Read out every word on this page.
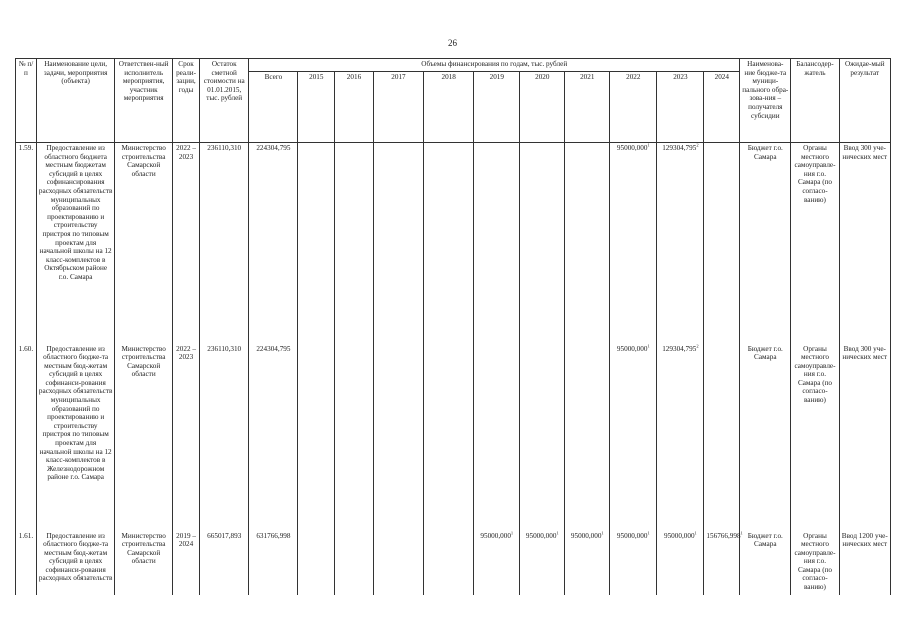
26
№ п/п	Наименование цели, задачи, мероприятия (объекта)	Ответствен-ный исполнитель мероприятия, участник мероприятия	Срок реали-зации, годы	Остаток сметной стоимости на 01.01.2015, тыс. рублей	Объемы финансирования по годам, тыс. рублей											Наименова-ние бюдже-та муници-пального обра-зова-ния – получателя субсидии	Балансодер-жатель	Ожидае-мый результат
					Всего	2015	2016	2017	2018	2019	2020	2021	2022	2023	2024			
1.59.	Предоставление из областного бюджета местным бюджетам субсидий в целях софинансирования расходных обязательств муниципальных образований по проектированию и строительству пристроя по типовым проектам для начальной школы на 12 класс-комплектов в Октябрьском районе г.о. Самара	Министерство строительства Самарской области	2022 – 2023	236110,310	224304,795								95000,000$^1$	129304,795$^2$		Бюджет г.о. Самара	Органы местного самоуправле-ния г.о. Самара (по согласо-ванию)	Ввод 300 уче-нических мест
1.60.	Предоставление из областного бюдже-та местным бюд-жетам субсидий в целях софинанси-рования расходных обязательств муниципальных образований по проектированию и строительству пристроя по типовым проектам для начальной школы на 12 класс-комплектов в Железнодорожном районе г.о. Самара	Министерство строительства Самарской области	2022 – 2023	236110,310	224304,795								95000,000$^1$	129304,795$^2$		Бюджет г.о. Самара	Органы местного самоуправле-ния г.о. Самара (по согласо-ванию)	Ввод 300 уче-нических мест
1.61.	Предоставление из областного бюдже-та местным бюд-жетам субсидий в целях софинанси-рования расходных обязательств	Министерство строительства Самарской области	2019 – 2024	665017,893	631766,998					95000,000$^1$	95000,000$^1$	95000,000$^1$	95000,000$^1$	95000,000$^1$	156766,998$^1$	Бюджет г.о. Самара	Органы местного самоуправле-ния г.о. Самара (по согласо-ванию)	Ввод 1200 уче-нических мест
